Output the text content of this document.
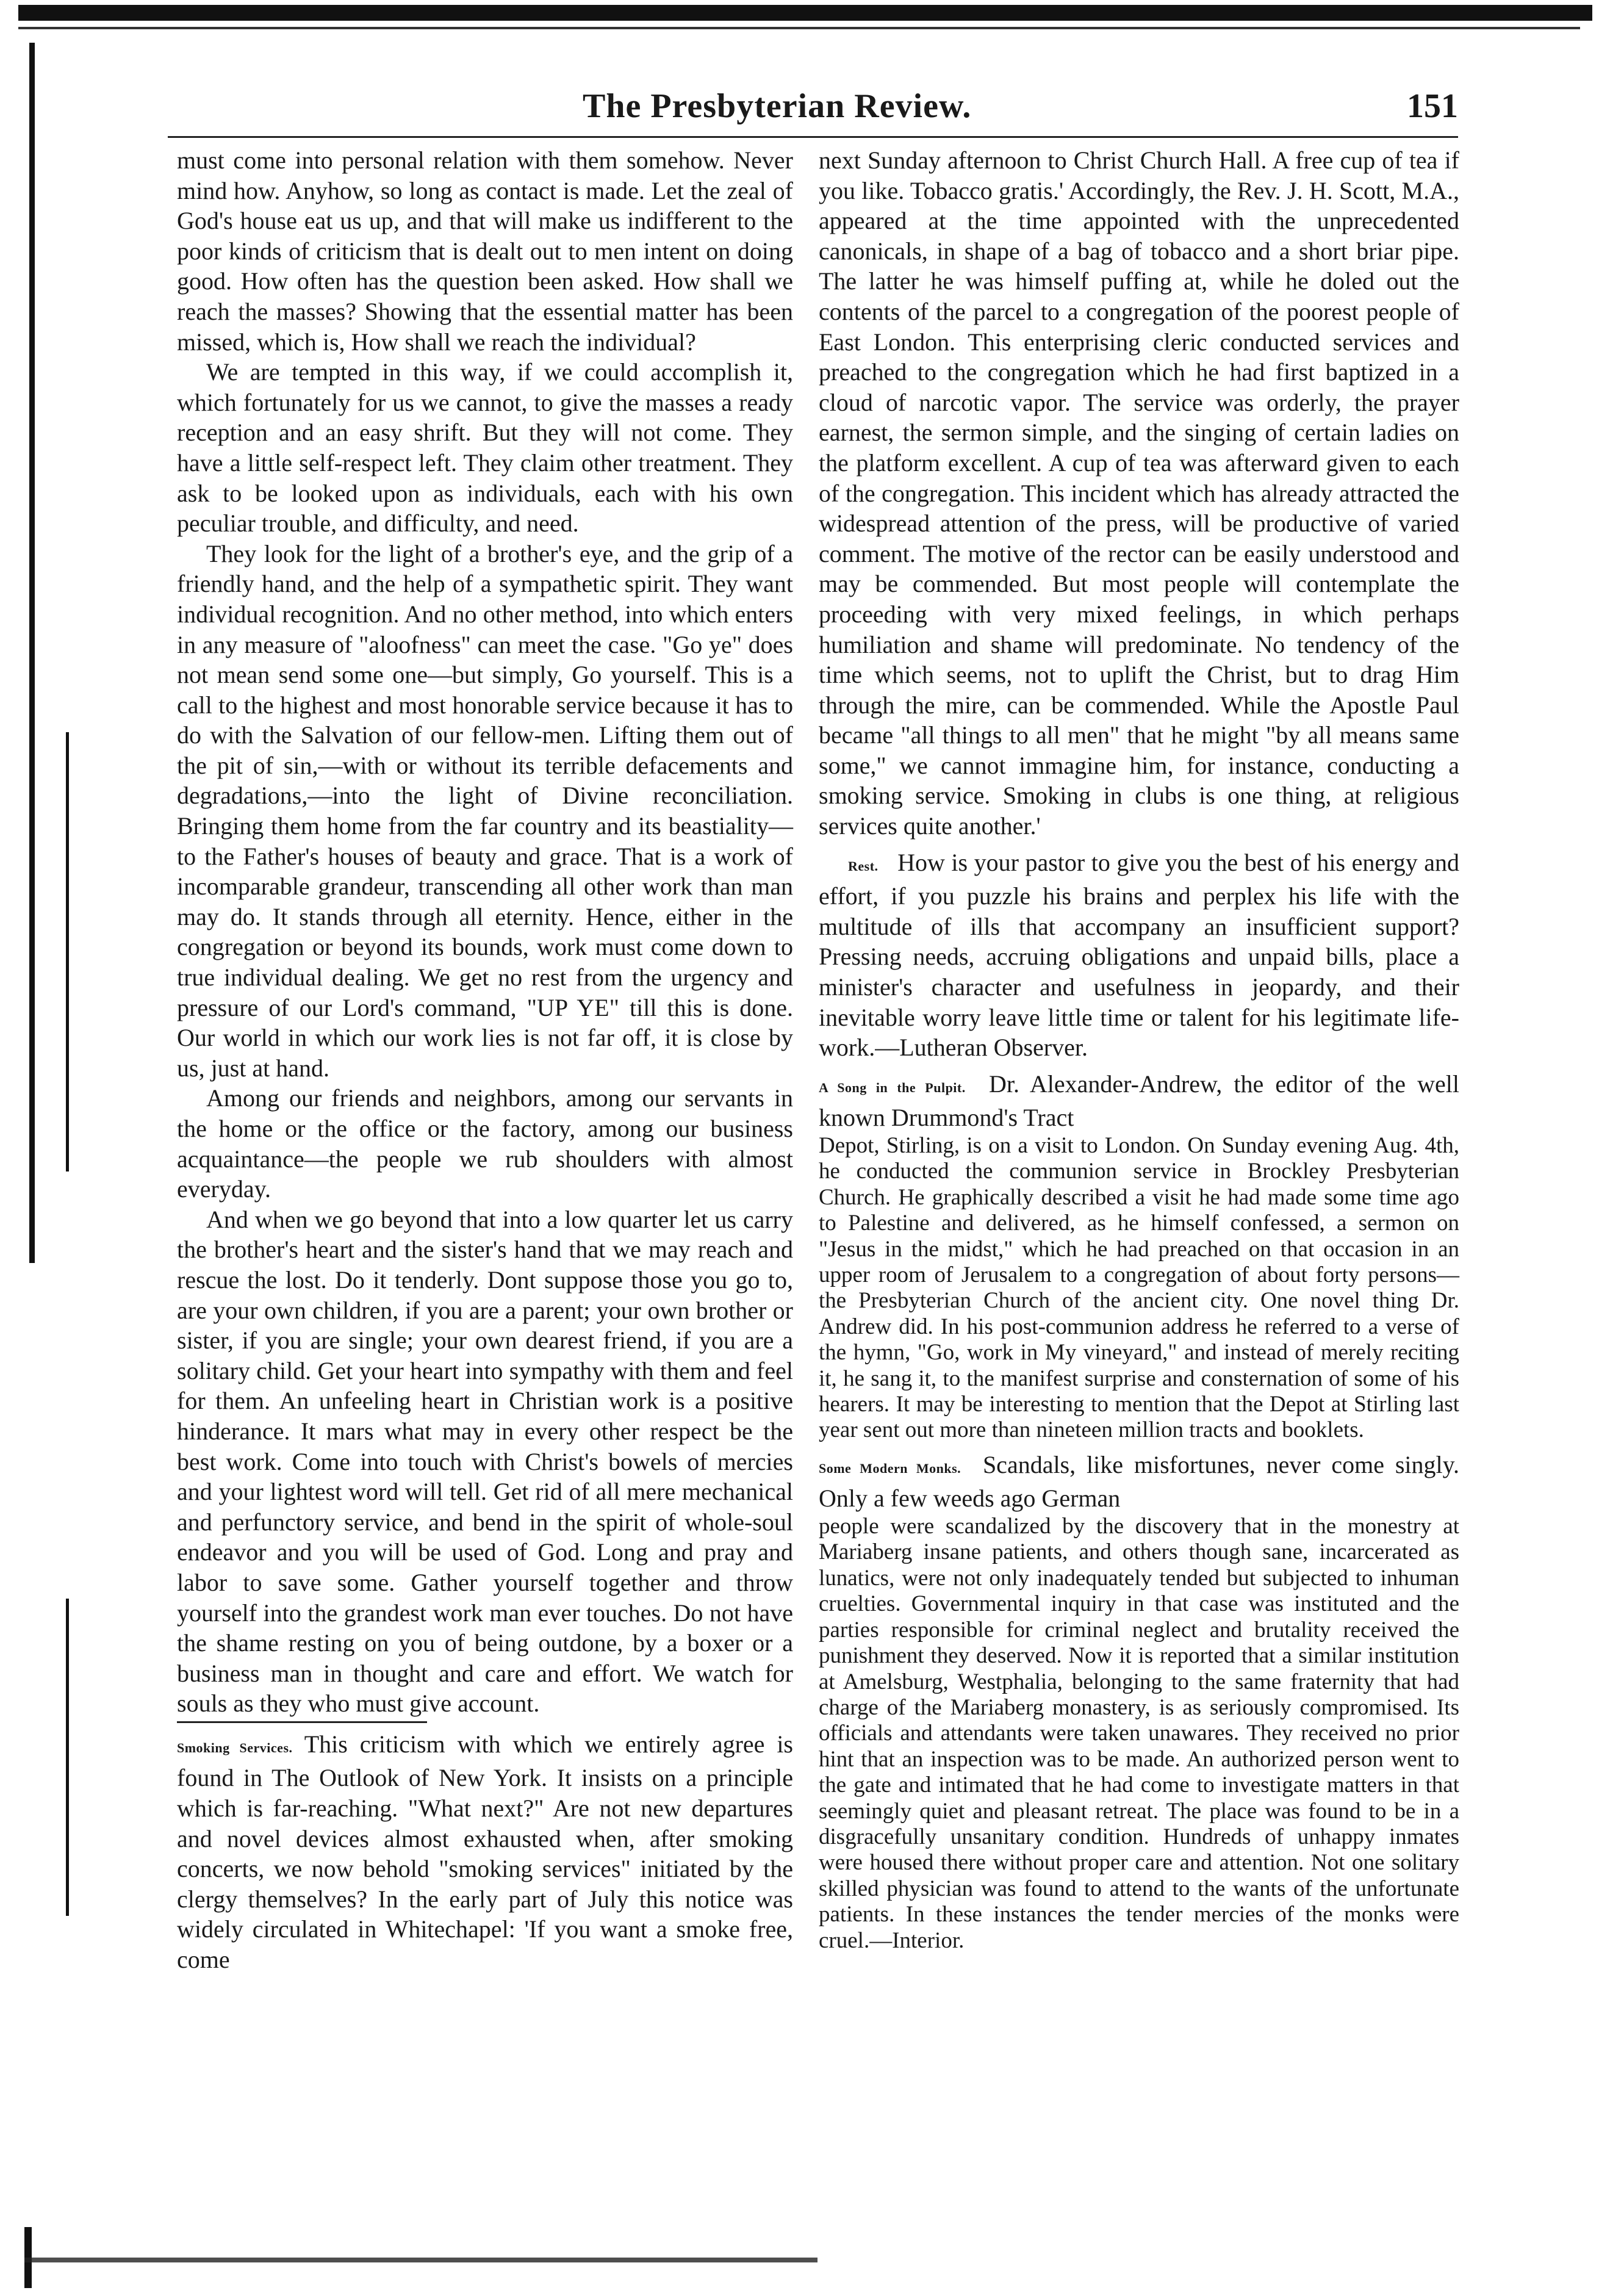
The Presbyterian Review.	151

must come into personal relation with them somehow. Never mind how. Anyhow, so long as contact is made. Let the zeal of God's house eat us up, and that will make us indifferent to the poor kinds of criticism that is dealt out to men intent on doing good. How often has the question been asked. How shall we reach the masses? Showing that the essential matter has been missed, which is, How shall we reach the individual?

We are tempted in this way, if we could accomplish it, which fortunately for us we cannot, to give the masses a ready reception and an easy shrift. But they will not come. They have a little self-respect left. They claim other treatment. They ask to be looked upon as individuals, each with his own peculiar trouble, and difficulty, and need.

They look for the light of a brother's eye, and the grip of a friendly hand, and the help of a sympathetic spirit. They want individual recognition. And no other method, into which enters in any measure of "aloofness" can meet the case. "Go ye" does not mean send some one—but simply, Go yourself. This is a call to the highest and most honorable service because it has to do with the Salvation of our fellow-men. Lifting them out of the pit of sin,—with or without its terrible defacements and degradations,—into the light of Divine reconciliation. Bringing them home from the far country and its beastiality—to the Father's houses of beauty and grace. That is a work of incomparable grandeur, transcending all other work than man may do. It stands through all eternity. Hence, either in the congregation or beyond its bounds, work must come down to true individual dealing. We get no rest from the urgency and pressure of our Lord's command, "UP YE" till this is done. Our world in which our work lies is not far off, it is close by us, just at hand.

Among our friends and neighbors, among our servants in the home or the office or the factory, among our business acquaintance—the people we rub shoulders with almost everyday.

And when we go beyond that into a low quarter let us carry the brother's heart and the sister's hand that we may reach and rescue the lost. Do it tenderly. Dont suppose those you go to, are your own children, if you are a parent; your own brother or sister, if you are single; your own dearest friend, if you are a solitary child. Get your heart into sympathy with them and feel for them. An unfeeling heart in Christian work is a positive hinderance. It mars what may in every other respect be the best work. Come into touch with Christ's bowels of mercies and your lightest word will tell. Get rid of all mere mechanical and perfunctory service, and bend in the spirit of whole-soul endeavor and you will be used of God. Long and pray and labor to save some. Gather yourself together and throw yourself into the grandest work man ever touches. Do not have the shame resting on you of being outdone, by a boxer or a business man in thought and care and effort. We watch for souls as they who must give account.

Smoking Services. This criticism with which we entirely agree is found in The Outlook of New York. It insists on a principle which is far-reaching. "What next?" Are not new departures and novel devices almost exhausted when, after smoking concerts, we now behold "smoking services" initiated by the clergy themselves? In the early part of July this notice was widely circulated in Whitechapel: 'If you want a smoke free, come

next Sunday afternoon to Christ Church Hall. A free cup of tea if you like. Tobacco gratis.' Accordingly, the Rev. J. H. Scott, M.A., appeared at the time appointed with the unprecedented canonicals, in shape of a bag of tobacco and a short briar pipe. The latter he was himself puffing at, while he doled out the contents of the parcel to a congregation of the poorest people of East London. This enterprising cleric conducted services and preached to the congregation which he had first baptized in a cloud of narcotic vapor. The service was orderly, the prayer earnest, the sermon simple, and the singing of certain ladies on the platform excellent. A cup of tea was afterward given to each of the congregation. This incident which has already attracted the widespread attention of the press, will be productive of varied comment. The motive of the rector can be easily understood and may be commended. But most people will contemplate the proceeding with very mixed feelings, in which perhaps humiliation and shame will predominate. No tendency of the time which seems, not to uplift the Christ, but to drag Him through the mire, can be commended. While the Apostle Paul became "all things to all men" that he might "by all means same some," we cannot immagine him, for instance, conducting a smoking service. Smoking in clubs is one thing, at religious services quite another.'

Rest. How is your pastor to give you the best of his energy and effort, if you puzzle his brains and perplex his life with the multitude of ills that accompany an insufficient support? Pressing needs, accruing obligations and unpaid bills, place a minister's character and usefulness in jeopardy, and their inevitable worry leave little time or talent for his legitimate life-work.—Lutheran Observer.

A Song in the Pulpit. Dr. Alexander-Andrew, the editor of the well known Drummond's Tract

Depot, Stirling, is on a visit to London. On Sunday evening Aug. 4th, he conducted the communion service in Brockley Presbyterian Church. He graphically described a visit he had made some time ago to Palestine and delivered, as he himself confessed, a sermon on "Jesus in the midst," which he had preached on that occasion in an upper room of Jerusalem to a congregation of about forty persons—the Presbyterian Church of the ancient city. One novel thing Dr. Andrew did. In his post-communion address he referred to a verse of the hymn, "Go, work in My vineyard," and instead of merely reciting it, he sang it, to the manifest surprise and consternation of some of his hearers. It may be interesting to mention that the Depot at Stirling last year sent out more than nineteen million tracts and booklets.

Some Modern Monks. Scandals, like misfortunes, never come singly. Only a few weeds ago German

people were scandalized by the discovery that in the monestry at Mariaberg insane patients, and others though sane, incarcerated as lunatics, were not only inadequately tended but subjected to inhuman cruelties. Governmental inquiry in that case was instituted and the parties responsible for criminal neglect and brutality received the punishment they deserved. Now it is reported that a similar institution at Amelsburg, Westphalia, belonging to the same fraternity that had charge of the Mariaberg monastery, is as seriously compromised. Its officials and attendants were taken unawares. They received no prior hint that an inspection was to be made. An authorized person went to the gate and intimated that he had come to investigate matters in that seemingly quiet and pleasant retreat. The place was found to be in a disgracefully unsanitary condition. Hundreds of unhappy inmates were housed there without proper care and attention. Not one solitary skilled physician was found to attend to the wants of the unfortunate patients. In these instances the tender mercies of the monks were cruel.—Interior.
